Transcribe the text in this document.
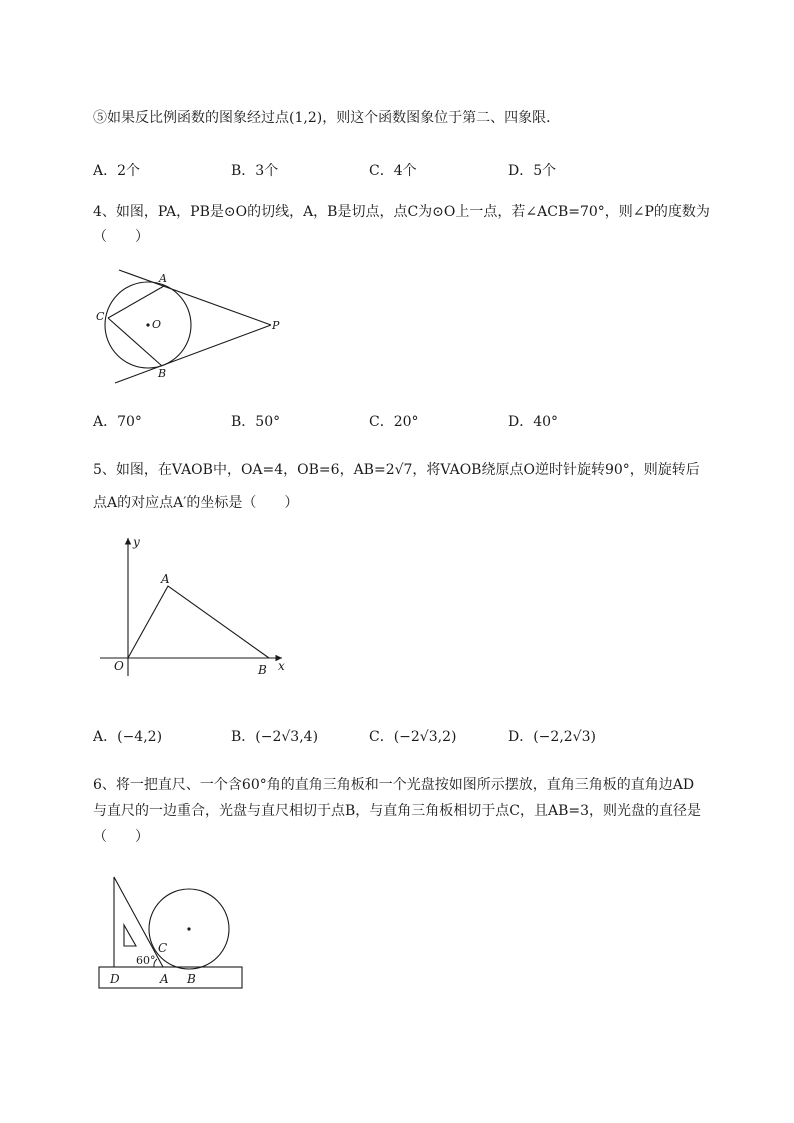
⑤如果反比例函数的图象经过点(1,2)，则这个函数图象位于第二、四象限．
A．2个	B．3个	C．4个	D．5个
4、如图，PA，PB是⊙O的切线，A，B是切点，点C为⊙O上一点，若∠ACB=70°，则∠P的度数为
（　　）
A
C
O	P
B
A．70°	B．50°	C．20°	D．40°
5、如图，在VAOB中，OA=4，OB=6，AB=2√7，将VAOB绕原点O逆时针旋转90°，则旋转后
点A的对应点A′的坐标是（　　）
y
A
O	B x
A．(−4,2)	B．(−2√3,4)	C．(−2√3,2)	D．(−2,2√3)
6、将一把直尺、一个含60°角的直角三角板和一个光盘按如图所示摆放，直角三角板的直角边AD
与直尺的一边重合，光盘与直尺相切于点B，与直角三角板相切于点C，且AB=3，则光盘的直径是
（　　）
60°
C
D	A B
